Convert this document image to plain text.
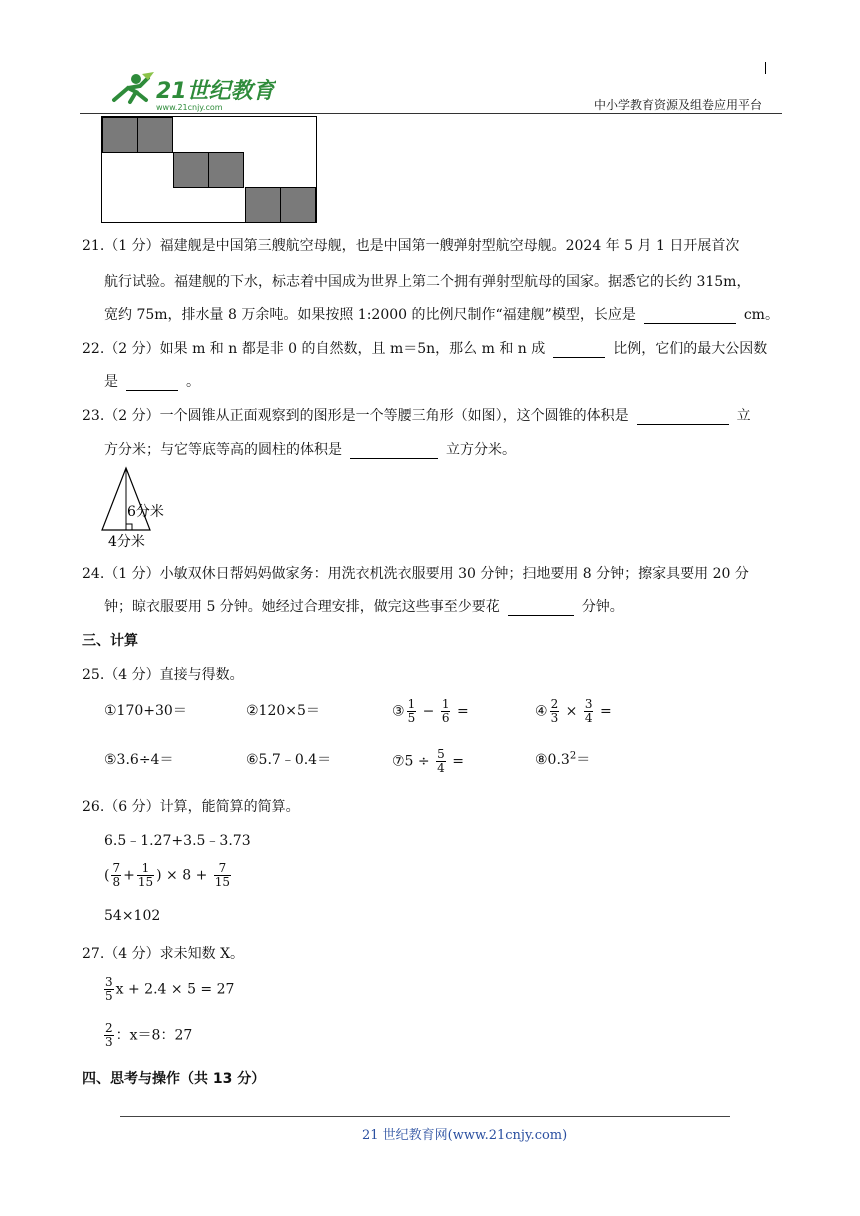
21世纪教育
www.21cnjy.com	中小学教育资源及组卷应用平台
21.（1 分）福建舰是中国第三艘航空母舰，也是中国第一艘弹射型航空母舰。2024 年 5 月 1 日开展首次
航行试验。福建舰的下水，标志着中国成为世界上第二个拥有弹射型航母的国家。据悉它的长约 315m，
宽约 75m，排水量 8 万余吨。如果按照 1:2000 的比例尺制作“福建舰”模型，长应是	cm。
22.（2 分）如果 m 和 n 都是非 0 的自然数，且 m＝5n，那么 m 和 n 成	比例，它们的最大公因数
是	。
23.（2 分）一个圆锥从正面观察到的图形是一个等腰三角形（如图），这个圆锥的体积是	立
方分米；与它等底等高的圆柱的体积是	立方分米。
6分米
4分米
24.（1 分）小敏双休日帮妈妈做家务：用洗衣机洗衣服要用 30 分钟；扫地要用 8 分钟；擦家具要用 20 分
钟；晾衣服要用 5 分钟。她经过合理安排，做完这些事至少要花	分钟。
三、计算
25.（4 分）直接与得数。
①170+30＝	②120×5＝	③ $\frac{1}{5} - \frac{1}{6}$ =	④ $\frac{2}{3} \times \frac{3}{4}$ =
⑤3.6÷4＝	⑥5.7﹣0.4＝	⑦5 ÷ $\frac{5}{4}$ =	$⑧0.3^2=$
26.（6 分）计算，能简算的简算。
6.5﹣1.27+3.5﹣3.73
( $\frac{7}{8} + \frac{1}{15}$ ) × $8 + \frac{7}{15}$
54×102
27.（4 分）求未知数 X。
$\frac{3}{5}$ x + 2.4 × 5 = 27
$\frac{2}{3}$ ：x＝8：27
四、思考与操作（共 13 分）
21 世纪教育网(www.21cnjy.com)
